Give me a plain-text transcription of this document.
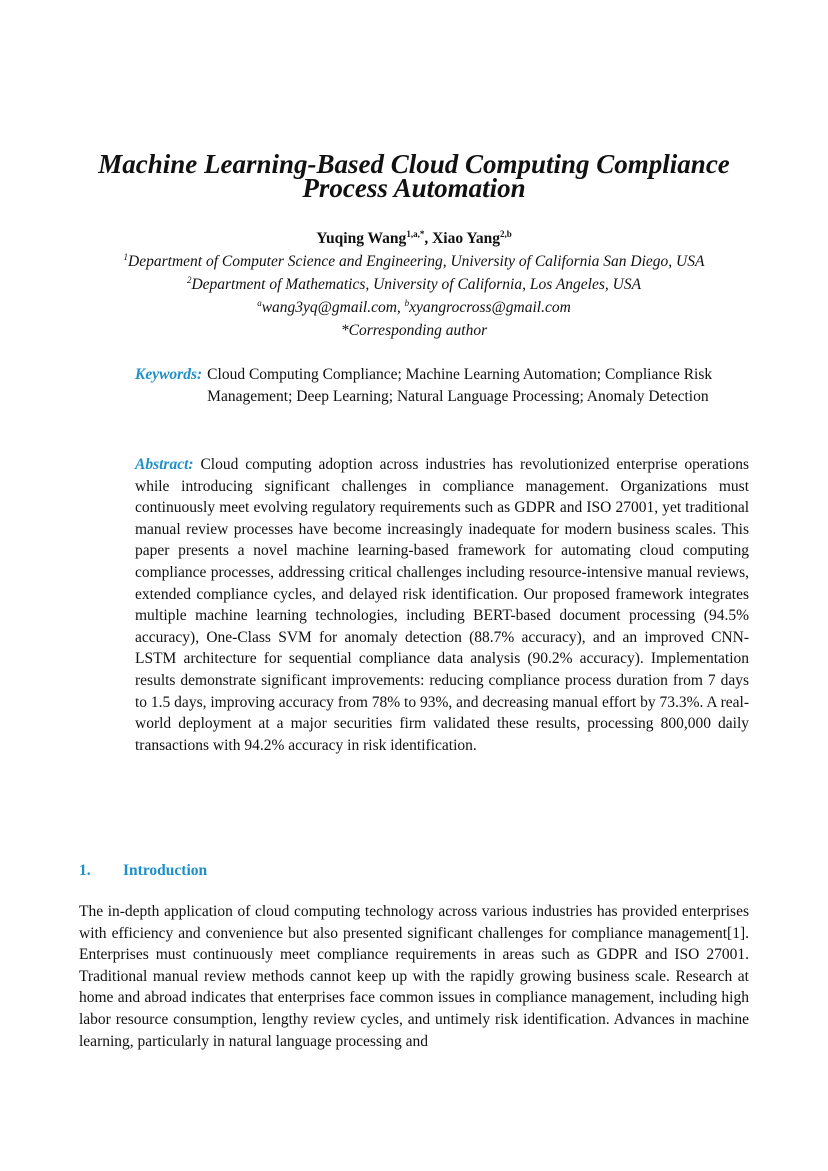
Machine Learning-Based Cloud Computing Compliance Process Automation
Yuqing Wang$^{1,a,*}$, Xiao Yang$^{2,b}$
$^1$Department of Computer Science and Engineering, University of California San Diego, USA
$^2$Department of Mathematics, University of California, Los Angeles, USA
$^a$wang3yq@gmail.com, $^b$xyangrocross@gmail.com
*Corresponding author
Keywords: Cloud Computing Compliance; Machine Learning Automation; Compliance Risk Management; Deep Learning; Natural Language Processing; Anomaly Detection

Abstract: Cloud computing adoption across industries has revolutionized enterprise operations while introducing significant challenges in compliance management. Organizations must continuously meet evolving regulatory requirements such as GDPR and ISO 27001, yet traditional manual review processes have become increasingly inadequate for modern business scales. This paper presents a novel machine learning-based framework for automating cloud computing compliance processes, addressing critical challenges including resource-intensive manual reviews, extended compliance cycles, and delayed risk identification. Our proposed framework integrates multiple machine learning technologies, including BERT-based document processing (94.5% accuracy), One-Class SVM for anomaly detection (88.7% accuracy), and an improved CNN-LSTM architecture for sequential compliance data analysis (90.2% accuracy). Implementation results demonstrate significant improvements: reducing compliance process duration from 7 days to 1.5 days, improving accuracy from 78% to 93%, and decreasing manual effort by 73.3%. A real-world deployment at a major securities firm validated these results, processing 800,000 daily transactions with 94.2% accuracy in risk identification.

1.	Introduction

The in-depth application of cloud computing technology across various industries has provided enterprises with efficiency and convenience but also presented significant challenges for compliance management[1]. Enterprises must continuously meet compliance requirements in areas such as GDPR and ISO 27001. Traditional manual review methods cannot keep up with the rapidly growing business scale. Research at home and abroad indicates that enterprises face common issues in compliance management, including high labor resource consumption, lengthy review cycles, and untimely risk identification. Advances in machine learning, particularly in natural language processing and
